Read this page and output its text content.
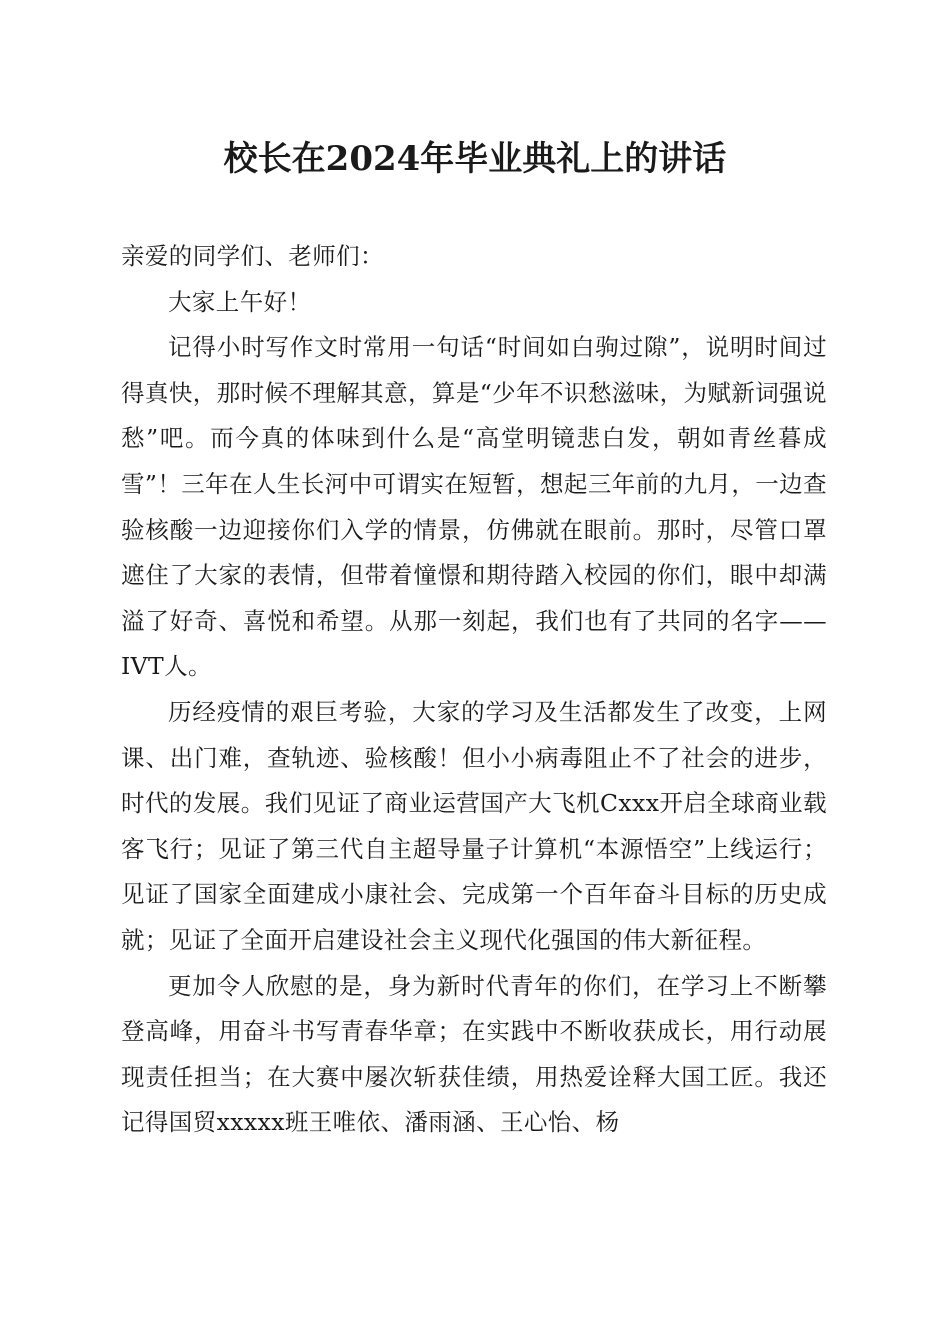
校长在2024年毕业典礼上的讲话

亲爱的同学们、老师们：

大家上午好！

记得小时写作文时常用一句话“时间如白驹过隙”，说明时间过得真快，那时候不理解其意，算是“少年不识愁滋味，为赋新词强说愁”吧。而今真的体味到什么是“高堂明镜悲白发，朝如青丝暮成雪”！三年在人生长河中可谓实在短暂，想起三年前的九月，一边查验核酸一边迎接你们入学的情景，仿佛就在眼前。那时，尽管口罩遮住了大家的表情，但带着憧憬和期待踏入校园的你们，眼中却满溢了好奇、喜悦和希望。从那一刻起，我们也有了共同的名字——IVT人。

历经疫情的艰巨考验，大家的学习及生活都发生了改变，上网课、出门难，查轨迹、验核酸！但小小病毒阻止不了社会的进步，时代的发展。我们见证了商业运营国产大飞机Cxxx开启全球商业载客飞行；见证了第三代自主超导量子计算机“本源悟空”上线运行；见证了国家全面建成小康社会、完成第一个百年奋斗目标的历史成就；见证了全面开启建设社会主义现代化强国的伟大新征程。

更加令人欣慰的是，身为新时代青年的你们，在学习上不断攀登高峰，用奋斗书写青春华章；在实践中不断收获成长，用行动展现责任担当；在大赛中屡次斩获佳绩，用热爱诠释大国工匠。我还记得国贸xxxxx班王唯依、潘雨涵、王心怡、杨
